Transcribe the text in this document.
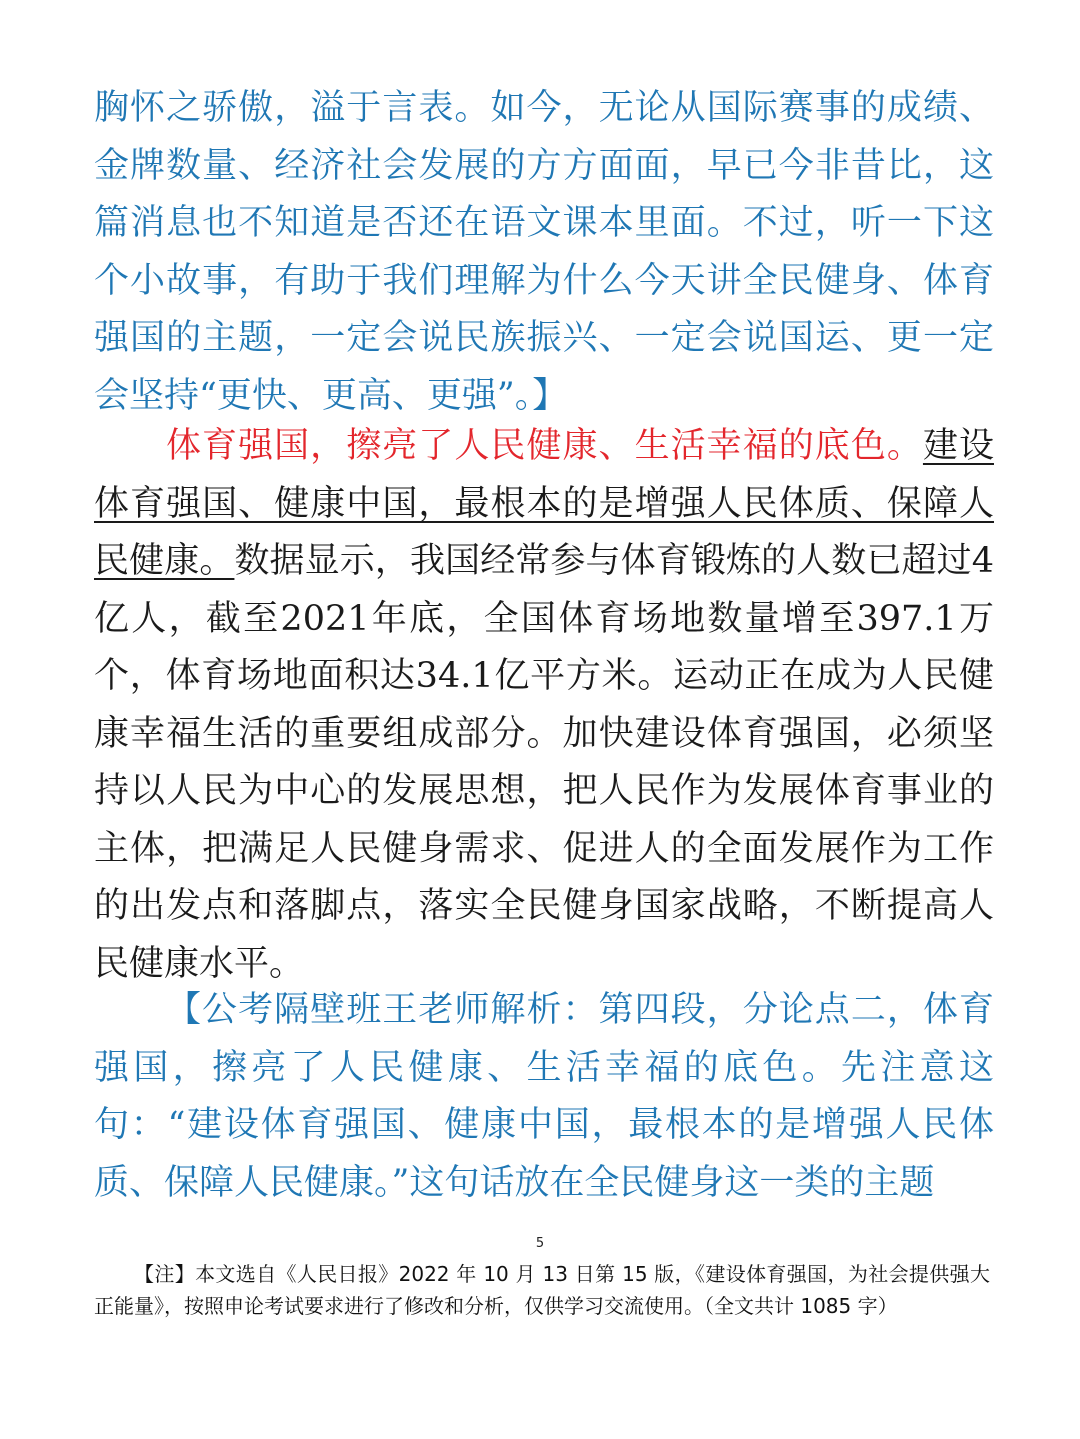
胸怀之骄傲，溢于言表。如今，无论从国际赛事的成绩、金牌数量、经济社会发展的方方面面，早已今非昔比，这篇消息也不知道是否还在语文课本里面。不过，听一下这个小故事，有助于我们理解为什么今天讲全民健身、体育强国的主题，一定会说民族振兴、一定会说国运、更一定会坚持“更快、更高、更强”。】

体育强国，擦亮了人民健康、生活幸福的底色。建设体育强国、健康中国，最根本的是增强人民体质、保障人民健康。数据显示，我国经常参与体育锻炼的人数已超过4亿人，截至2021年底，全国体育场地数量增至397.1万个，体育场地面积达34.1亿平方米。运动正在成为人民健康幸福生活的重要组成部分。加快建设体育强国，必须坚持以人民为中心的发展思想，把人民作为发展体育事业的主体，把满足人民健身需求、促进人的全面发展作为工作的出发点和落脚点，落实全民健身国家战略，不断提高人民健康水平。

【公考隔壁班王老师解析：第四段，分论点二，体育强国，擦亮了人民健康、生活幸福的底色。先注意这句：“建设体育强国、健康中国，最根本的是增强人民体质、保障人民健康。”这句话放在全民健身这一类的主题

5

【注】本文选自《人民日报》2022 年 10 月 13 日第 15 版，《建设体育强国，为社会提供强大正能量》，按照申论考试要求进行了修改和分析，仅供学习交流使用。（全文共计 1085 字）
